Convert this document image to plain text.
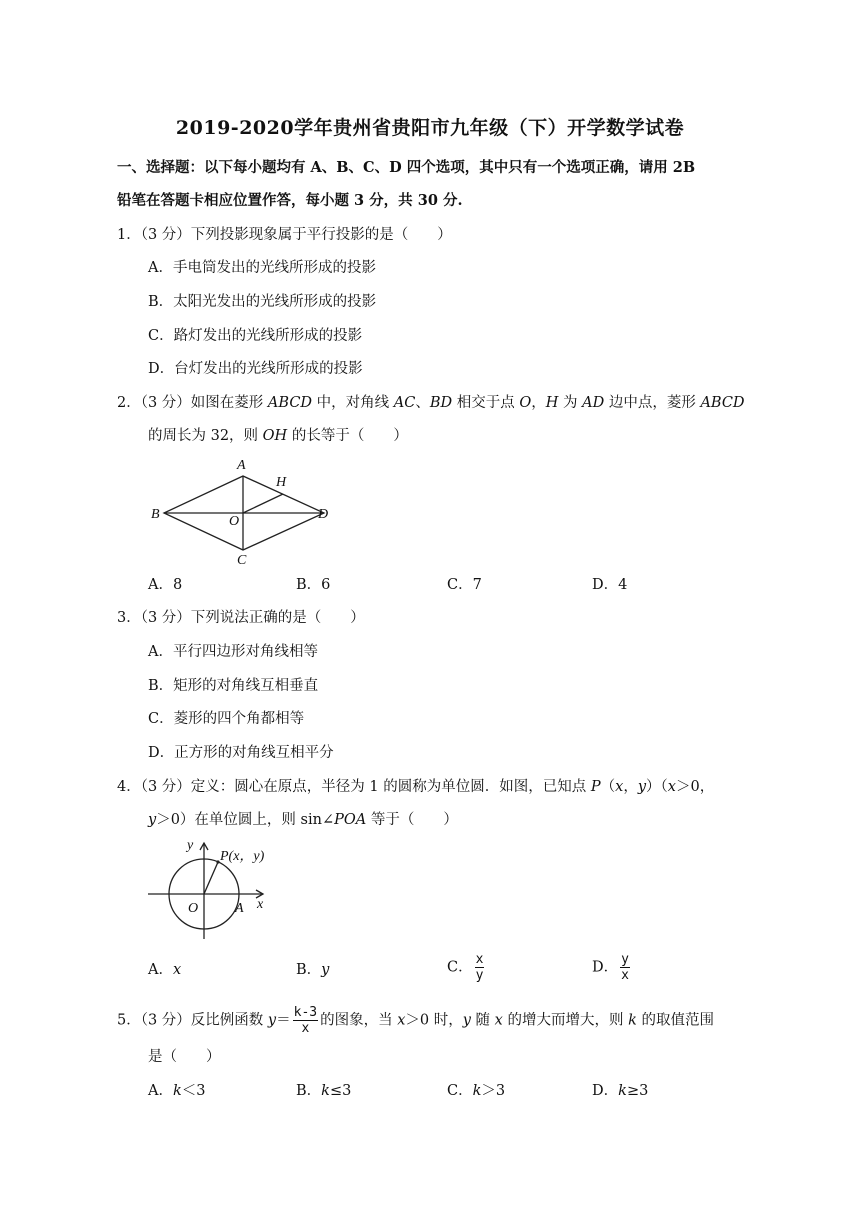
2019-2020学年贵州省贵阳市九年级（下）开学数学试卷
一、选择题：以下每小题均有 A、B、C、D 四个选项，其中只有一个选项正确，请用 2B
铅笔在答题卡相应位置作答，每小题 3 分，共 30 分.
1．（3 分）下列投影现象属于平行投影的是（　　）
A．手电筒发出的光线所形成的投影
B．太阳光发出的光线所形成的投影
C．路灯发出的光线所形成的投影
D．台灯发出的光线所形成的投影
2．（3 分）如图在菱形 ABCD 中，对角线 AC、BD 相交于点 O，H 为 AD 边中点，菱形 ABCD
的周长为 32，则 OH 的长等于（　　）
A
H
B	O	D
C
A．8	B．6	C．7	D．4
3．（3 分）下列说法正确的是（　　）
A．平行四边形对角线相等
B．矩形的对角线互相垂直
C．菱形的四个角都相等
D．正方形的对角线互相平分
4．（3 分）定义：圆心在原点，半径为 1 的圆称为单位圆．如图，已知点 P（x，y）（x＞0，
y＞0）在单位圆上，则 sin∠POA 等于（　　）
y
P(x，y)
O	A x
A．x	B．y	C． $\frac{x}{y}$	D． $\frac{y}{x}$
5．（3 分）反比例函数 $y= \frac{k-3}{x}$ 的图象，当 x＞0 时，y 随 x 的增大而增大，则 k 的取值范围
是（　　）
A．k＜3	B．k≤3	C．k＞3	D．k≥3
